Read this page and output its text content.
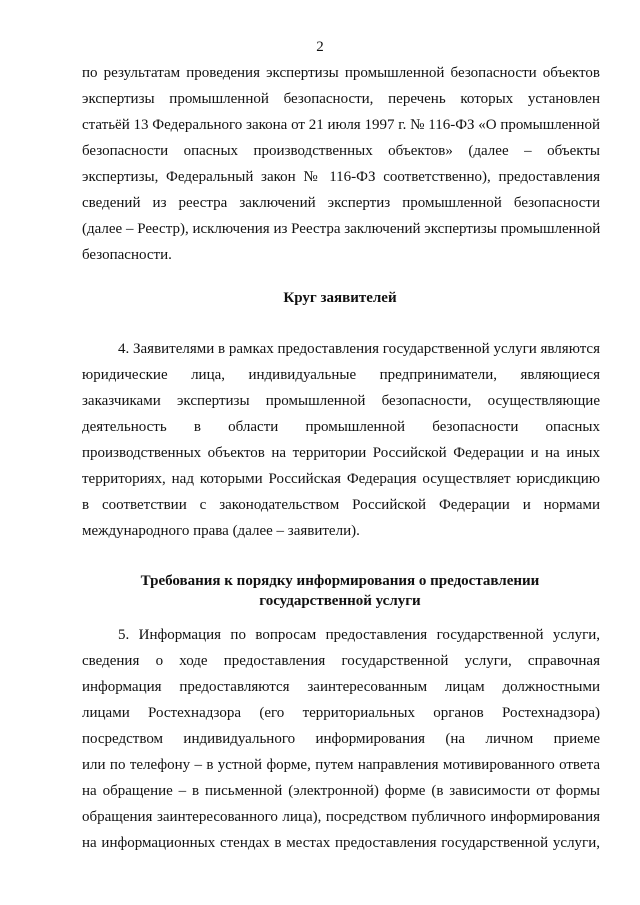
2
по результатам проведения экспертизы промышленной безопасности объектов
экспертизы промышленной безопасности, перечень которых установлен
статьёй 13 Федерального закона от 21 июля 1997 г. № 116-ФЗ «О промышленной
безопасности опасных производственных объектов» (далее – объекты
экспертизы, Федеральный закон № 116-ФЗ соответственно), предоставления
сведений из реестра заключений экспертиз промышленной безопасности
(далее – Реестр), исключения из Реестра заключений экспертизы промышленной
безопасности.
Круг заявителей
4. Заявителями в рамках предоставления государственной услуги являются
юридические лица, индивидуальные предприниматели, являющиеся
заказчиками экспертизы промышленной безопасности, осуществляющие
деятельность в области промышленной безопасности опасных
производственных объектов на территории Российской Федерации и на иных
территориях, над которыми Российская Федерация осуществляет юрисдикцию
в соответствии с законодательством Российской Федерации и нормами
международного права (далее – заявители).
Требования к порядку информирования о предоставлении
государственной услуги
5. Информация по вопросам предоставления государственной услуги,
сведения о ходе предоставления государственной услуги, справочная
информация предоставляются заинтересованным лицам должностными
лицами Ростехнадзора (его территориальных органов Ростехнадзора)
посредством индивидуального информирования (на личном приеме
или по телефону – в устной форме, путем направления мотивированного ответа
на обращение – в письменной (электронной) форме (в зависимости от формы
обращения заинтересованного лица), посредством публичного информирования
на информационных стендах в местах предоставления государственной услуги,
